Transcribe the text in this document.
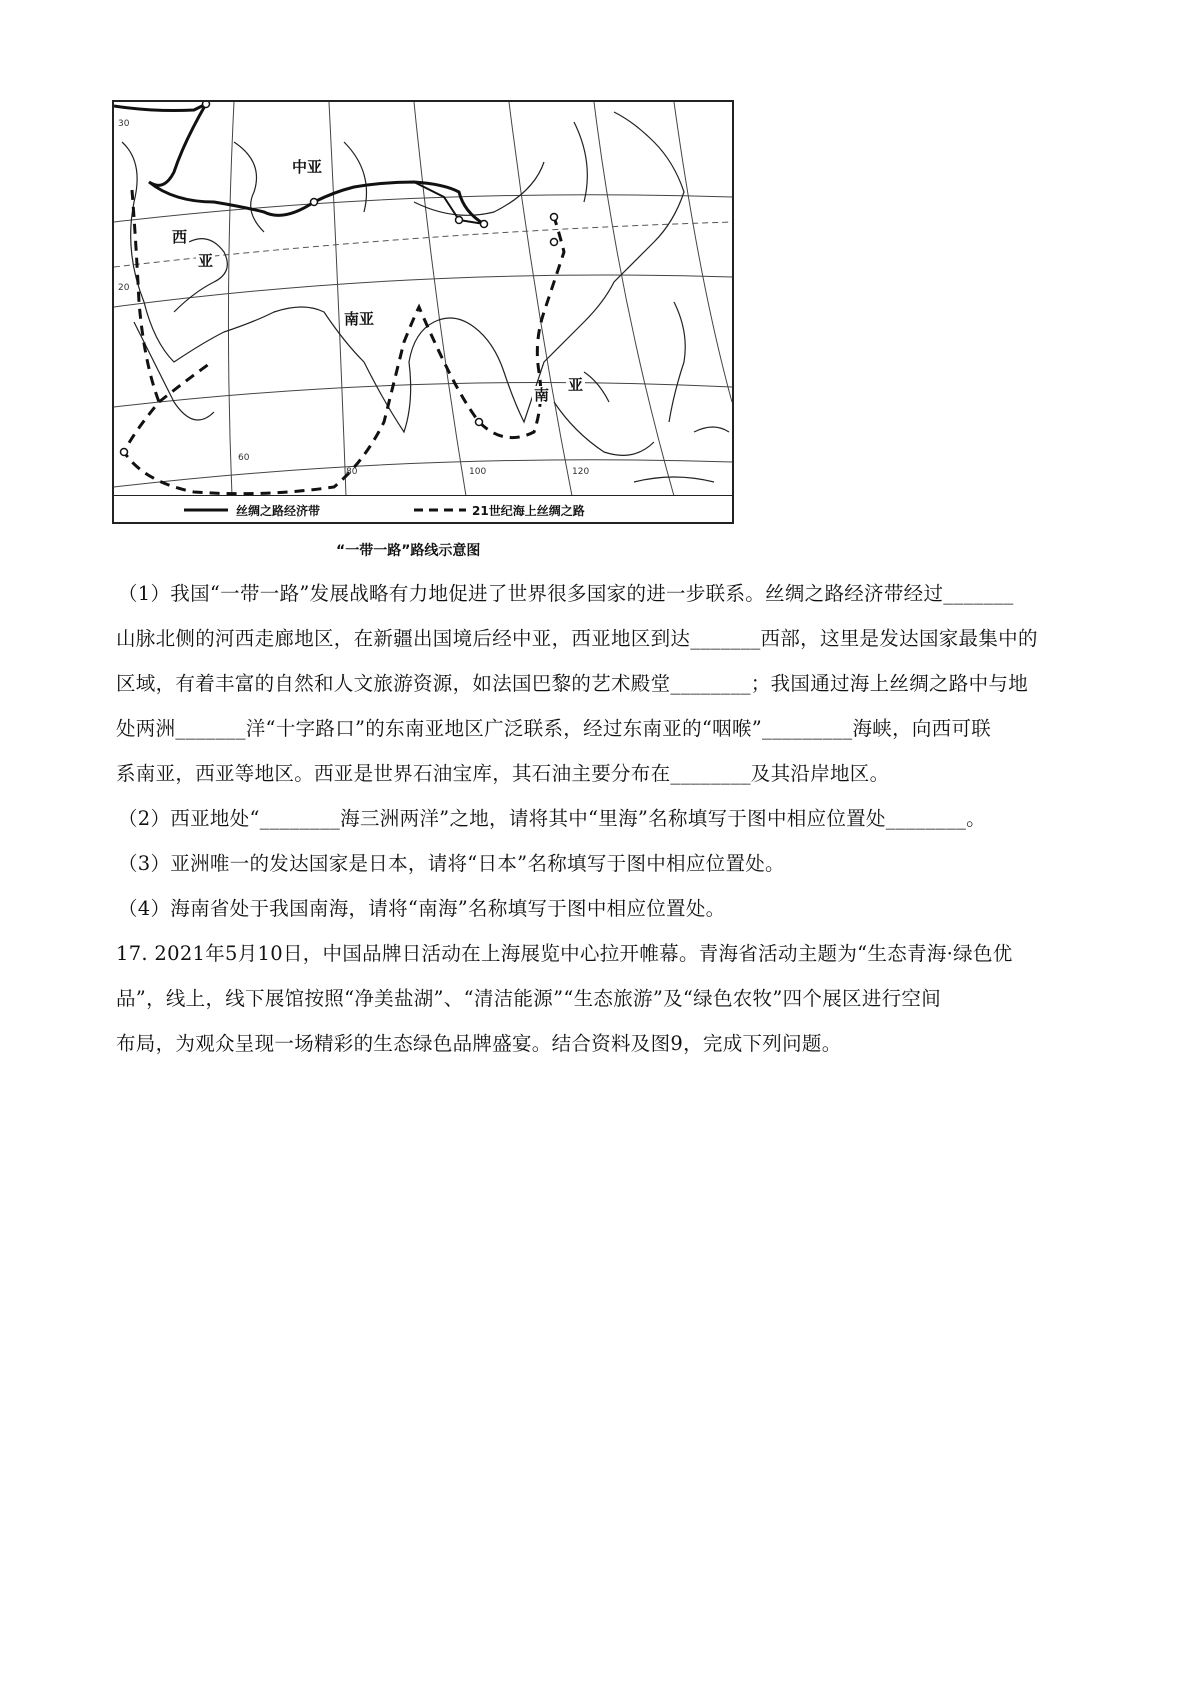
30
20
60
80	100	120
中亚
西
亚
南亚
南
亚
丝绸之路经济带	21世纪海上丝绸之路
“一带一路”路线示意图
（1）我国“一带一路”发展战略有力地促进了世界很多国家的进一步联系。丝绸之路经济带经过_______
山脉北侧的河西走廊地区，在新疆出国境后经中亚，西亚地区到达_______西部，这里是发达国家最集中的
区域，有着丰富的自然和人文旅游资源，如法国巴黎的艺术殿堂________；我国通过海上丝绸之路中与地
处两洲_______洋“十字路口”的东南亚地区广泛联系，经过东南亚的“咽喉”_________海峡，向西可联
系南亚，西亚等地区。西亚是世界石油宝库，其石油主要分布在________及其沿岸地区。
（2）西亚地处“________海三洲两洋”之地，请将其中“里海”名称填写于图中相应位置处________。
（3）亚洲唯一的发达国家是日本，请将“日本”名称填写于图中相应位置处。
（4）海南省处于我国南海，请将“南海”名称填写于图中相应位置处。
17. 2021年5月10日，中国品牌日活动在上海展览中心拉开帷幕。青海省活动主题为“生态青海·绿色优
品”，线上，线下展馆按照“净美盐湖”、“清洁能源”“生态旅游”及“绿色农牧”四个展区进行空间
布局，为观众呈现一场精彩的生态绿色品牌盛宴。结合资料及图9，完成下列问题。
